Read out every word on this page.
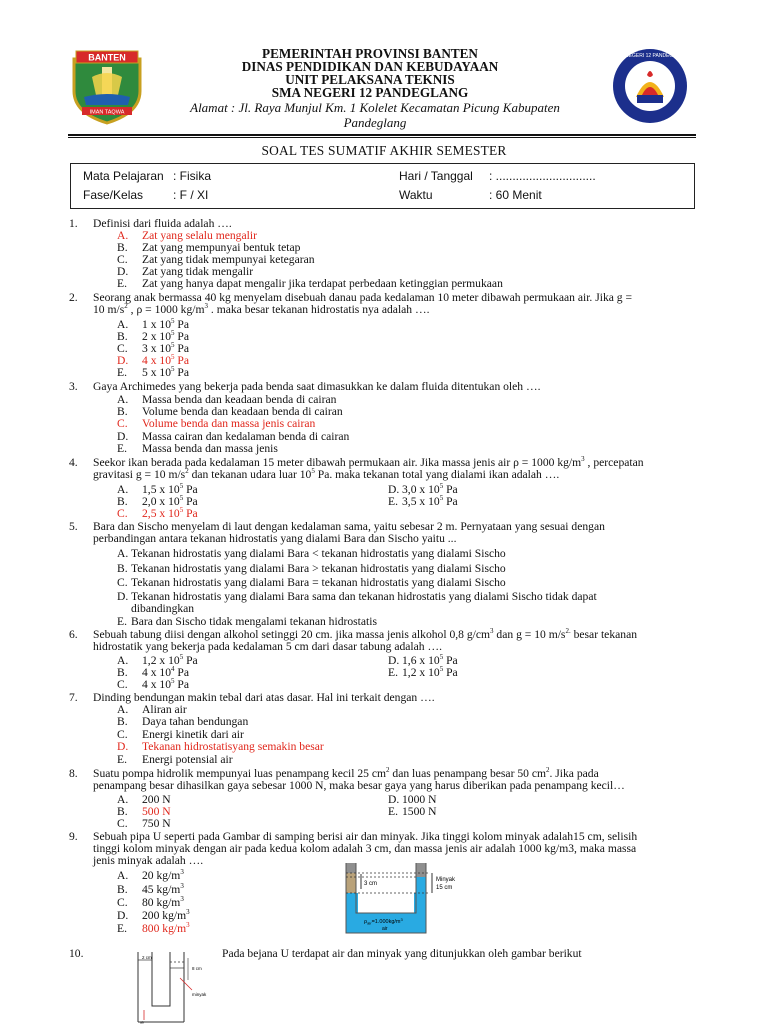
BANTEN
IMAN TAQWA
SMA NEGERI 12 PANDEGLANG
PEMERINTAH PROVINSI BANTEN
DINAS PENDIDIKAN DAN KEBUDAYAAN
UNIT PELAKSANA TEKNIS
SMA NEGERI 12 PANDEGLANG
Alamat : Jl. Raya Munjul Km. 1 Kolelet Kecamatan Picung Kabupaten
Pandeglang
SOAL TES SUMATIF AKHIR SEMESTER
Mata Pelajaran : Fisika
Fase/Kelas : F / XI
Hari / Tanggal : ..............................
Waktu	: 60 Menit
1. Definisi dari fluida adalah ….
A. Zat yang selalu mengalir
B. Zat yang mempunyai bentuk tetap
C. Zat yang tidak mempunyai ketegaran
D. Zat yang tidak mengalir
E. Zat yang hanya dapat mengalir jika terdapat perbedaan ketinggian permukaan
2. Seorang anak bermassa 40 kg menyelam disebuah danau pada kedalaman 10 meter dibawah permukaan air. Jika g =
10 $m/s^2$ , ρ = 1000 $kg/m^3$ . maka besar tekanan hidrostatis nya adalah ….
A. 1 x $10^5$ Pa
B. 2 x $10^5$ Pa
C. 3 x $10^5$ Pa
D. 4 x $10^5$ Pa
E. 5 x $10^5$ Pa
3. Gaya Archimedes yang bekerja pada benda saat dimasukkan ke dalam fluida ditentukan oleh ….
A. Massa benda dan keadaan benda di cairan
B. Volume benda dan keadaan benda di cairan
C. Volume benda dan massa jenis cairan
D. Massa cairan dan kedalaman benda di cairan
E. Massa benda dan massa jenis
4. Seekor ikan berada pada kedalaman 15 meter dibawah permukaan air. Jika massa jenis air ρ = 1000 $kg/m^3$ , percepatan
gravitasi g = 10 $m/s^2$ dan tekanan udara luar $10^5$ Pa. maka tekanan total yang dialami ikan adalah ….
A. 1,5 x $10^5$ Pa
B. 2,0 x $10^5$ Pa
C. 2,5 x $10^5$ Pa
D. 3,0 x $10^5$ Pa
E. 3,5 x $10^5$ Pa
5. Bara dan Sischo menyelam di laut dengan kedalaman sama, yaitu sebesar 2 m. Pernyataan yang sesuai dengan
perbandingan antara tekanan hidrostatis yang dialami Bara dan Sischo yaitu ...
A. Tekanan hidrostatis yang dialami Bara < tekanan hidrostatis yang dialami Sischo
B. Tekanan hidrostatis yang dialami Bara > tekanan hidrostatis yang dialami Sischo
C. Tekanan hidrostatis yang dialami Bara = tekanan hidrostatis yang dialami Sischo
D. Tekanan hidrostatis yang dialami Bara sama dan tekanan hidrostatis yang dialami Sischo tidak dapat
dibandingkan
E. Bara dan Sischo tidak mengalami tekanan hidrostatis
6. Sebuah tabung diisi dengan alkohol setinggi 20 cm. jika massa jenis alkohol 0,8 $g/cm^3$ dan g = 10 $m/s^{2.}$ besar tekanan
hidrostatik yang bekerja pada kedalaman 5 cm dari dasar tabung adalah ….
A. 1,2 x $10^5$ Pa
B. 4 x $10^4$ Pa
C. 4 x $10^5$ Pa
D. 1,6 x $10^5$ Pa
E. 1,2 x $10^5$ Pa
7. Dinding bendungan makin tebal dari atas dasar. Hal ini terkait dengan ….
A. Aliran air
B. Daya tahan bendungan
C. Energi kinetik dari air
D. Tekanan hidrostatisyang semakin besar
E. Energi potensial air
8. Suatu pompa hidrolik mempunyai luas penampang kecil 25 $cm^2$ dan luas penampang besar 50 $cm^2$. Jika pada
penampang besar dihasilkan gaya sebesar 1000 N, maka besar gaya yang harus diberikan pada penampang kecil…
A. 200 N
B. 500 N
C. 750 N
D. 1000 N
E. 1500 N
9. Sebuah pipa U seperti pada Gambar di samping berisi air dan minyak. Jika tinggi kolom minyak adalah15 cm, selisih
tinggi kolom minyak dengan air pada kedua kolom adalah 3 cm, dan massa jenis air adalah 1000 kg/m3, maka massa
jenis minyak adalah ….
A. 20 $kg/m^3$
B. 45 $kg/m^3$
C. 80 $kg/m^3$
D. 200 $kg/m^3$
E. 800 $kg/m^3$
3 cm
Minyak
15 cm
$\rho_{air}=1.000kg/m^3$
air
10.	Pada bejana U terdapat air dan minyak yang ditunjukkan oleh gambar berikut
2 cm
8 cm
minyak
air
